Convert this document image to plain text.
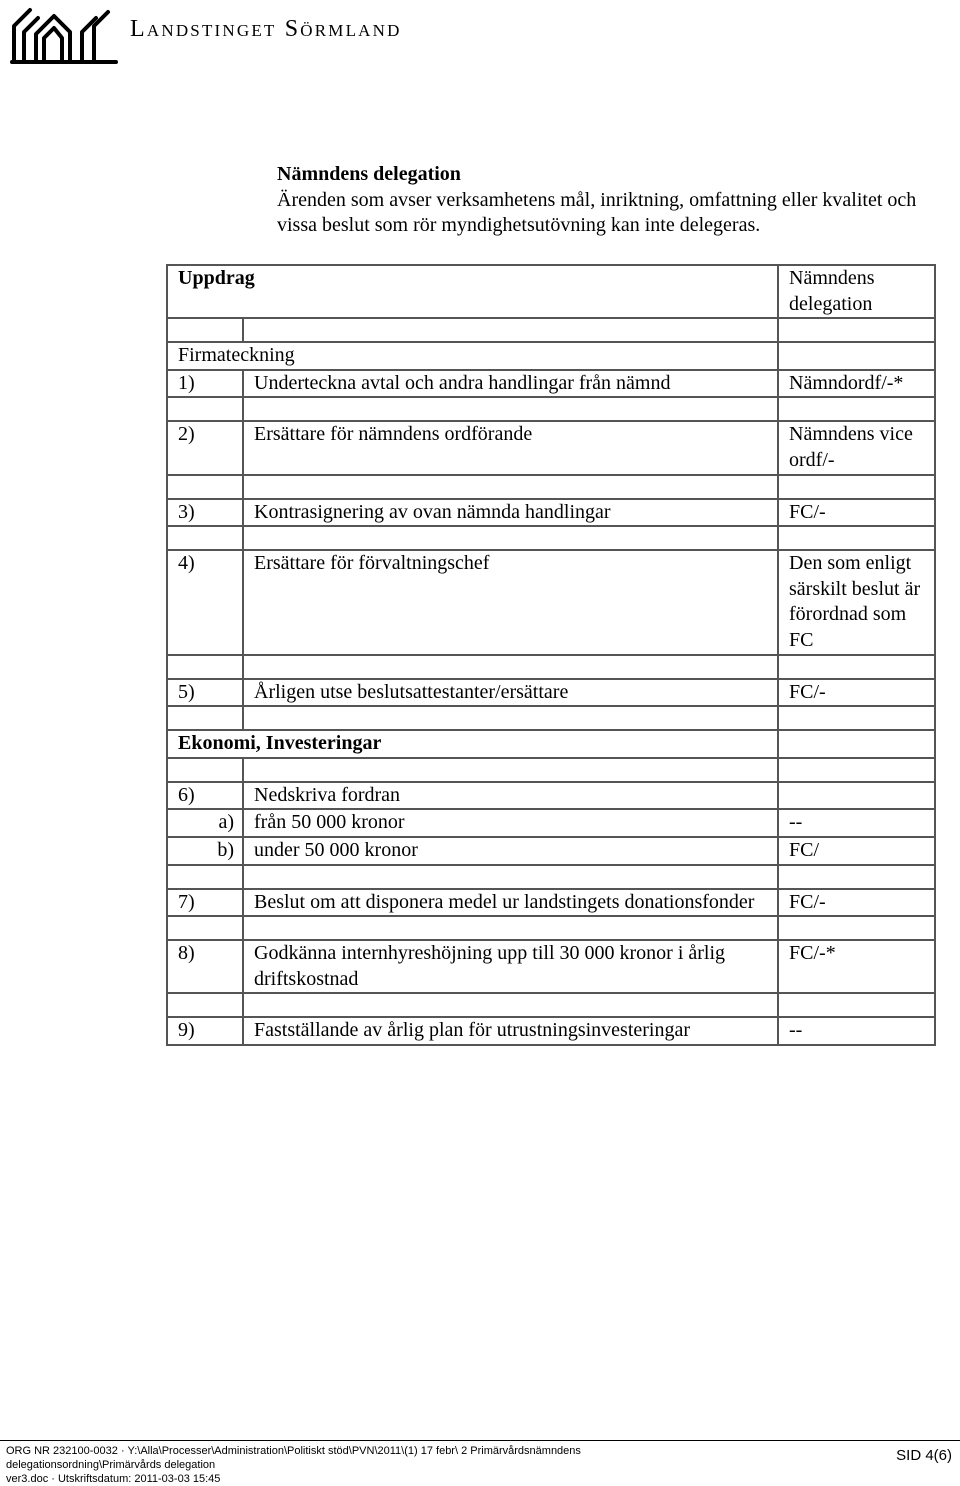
Landstinget Sörmland
Nämndens delegation
Ärenden som avser verksamhetens mål, inriktning, omfattning eller kvalitet och vissa beslut som rör myndighetsutövning kan inte delegeras.
Uppdrag		Nämndens delegation

Firmateckning		
1)	Underteckna avtal och andra handlingar från nämnd	Nämndordf/-*

2)	Ersättare för nämndens ordförande	Nämndens vice ordf/-

3)	Kontrasignering av ovan nämnda handlingar	FC/-

4)	Ersättare för förvaltningschef	Den som enligt särskilt beslut är förordnad som FC

5)	Årligen utse beslutsattestanter/ersättare	FC/-

Ekonomi, Investeringar		

6)	Nedskriva fordran	
a)	från 50 000 kronor	--
b)	under 50 000 kronor	FC/

7)	Beslut om att disponera medel ur landstingets donationsfonder	FC/-

8)	Godkänna internhyreshöjning upp till 30 000 kronor i årlig driftskostnad	FC/-*

9)	Fastställande av årlig plan för utrustningsinvesteringar	--
ORG NR 232100-0032 · Y:\Alla\Processer\Administration\Politiskt stöd\PVN\2011\(1) 17 febr\ 2 Primärvårdsnämndens delegationsordning\Primärvårds delegation
ver3.doc · Utskriftsdatum: 2011-03-03 15:45
SID 4(6)
